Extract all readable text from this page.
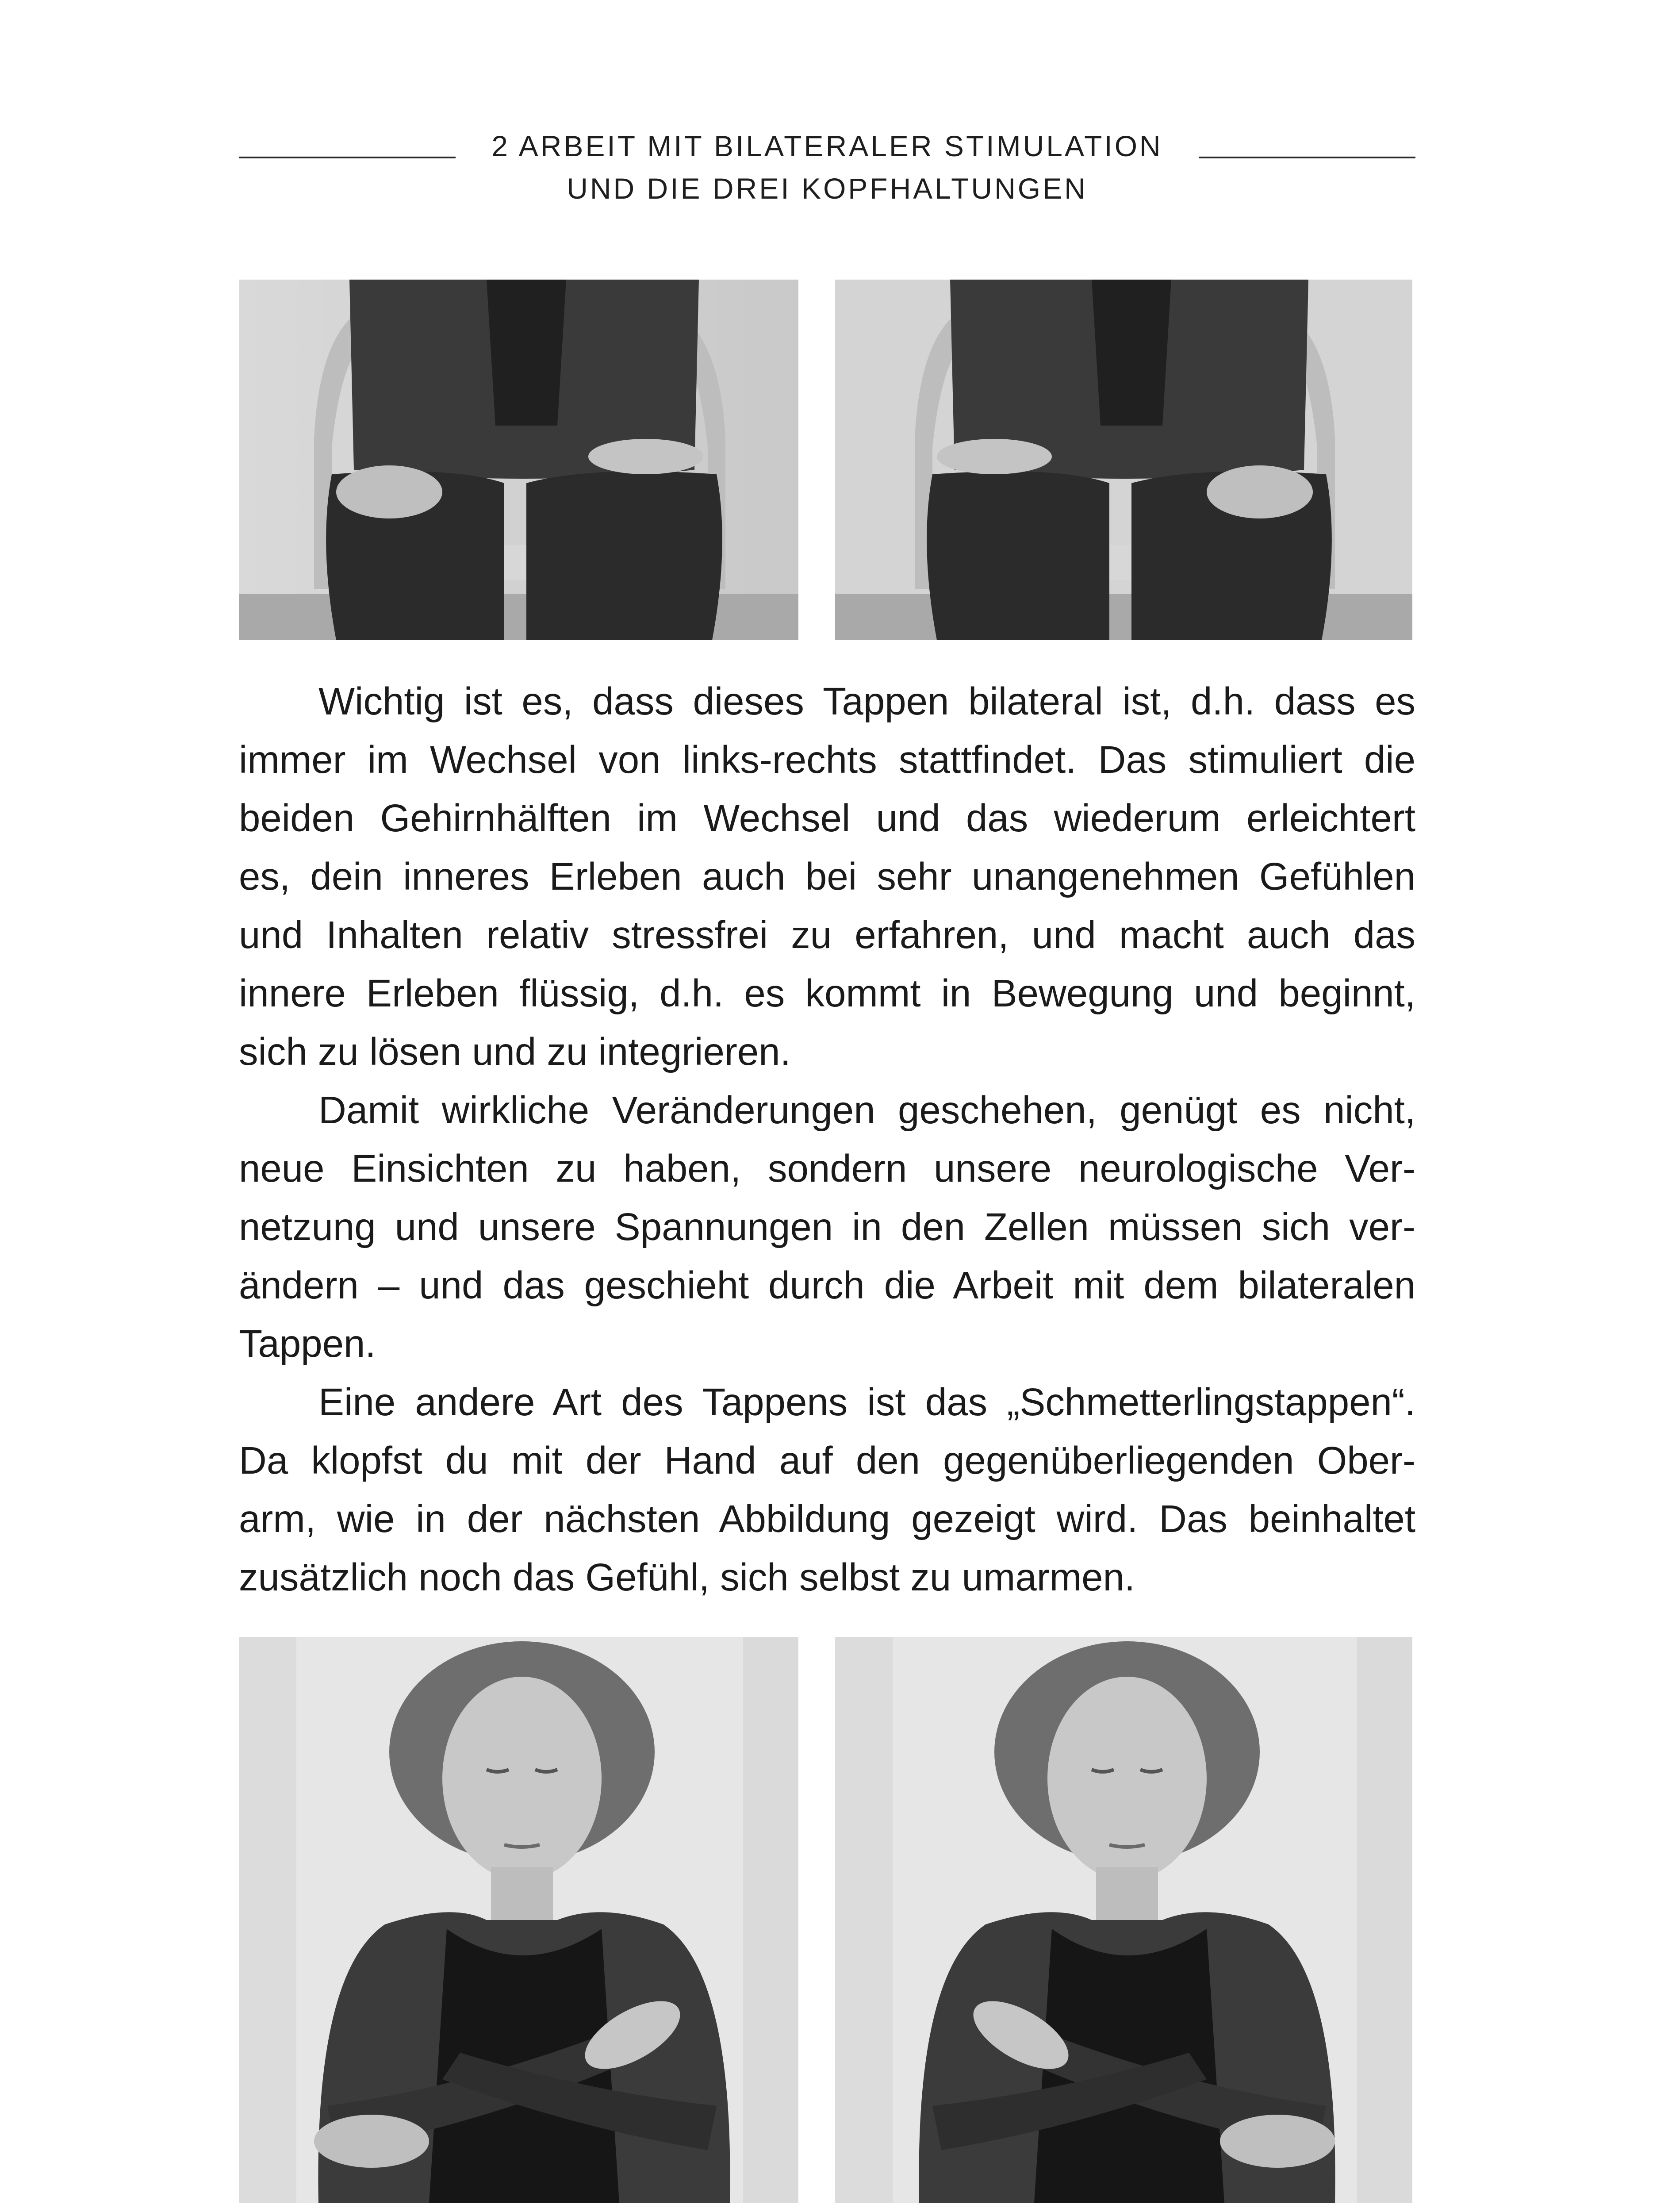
2 ARBEIT MIT BILATERALER STIMULATION
UND DIE DREI KOPFHALTUNGEN

Wichtig ist es, dass dieses Tappen bilateral ist, d.h. dass es
immer im Wechsel von links-rechts stattfindet. Das stimuliert die
beiden Gehirnhälften im Wechsel und das wiederum erleichtert
es, dein inneres Erleben auch bei sehr unangenehmen Gefühlen
und Inhalten relativ stressfrei zu erfahren, und macht auch das
innere Erleben flüssig, d.h. es kommt in Bewegung und beginnt,
sich zu lösen und zu integrieren.

Damit wirkliche Veränderungen geschehen, genügt es nicht,
neue Einsichten zu haben, sondern unsere neurologische Ver-
netzung und unsere Spannungen in den Zellen müssen sich ver-
ändern – und das geschieht durch die Arbeit mit dem bilateralen
Tappen.

Eine andere Art des Tappens ist das „Schmetterlingstappen“.
Da klopfst du mit der Hand auf den gegenüberliegenden Ober-
arm, wie in der nächsten Abbildung gezeigt wird. Das beinhaltet
zusätzlich noch das Gefühl, sich selbst zu umarmen.
